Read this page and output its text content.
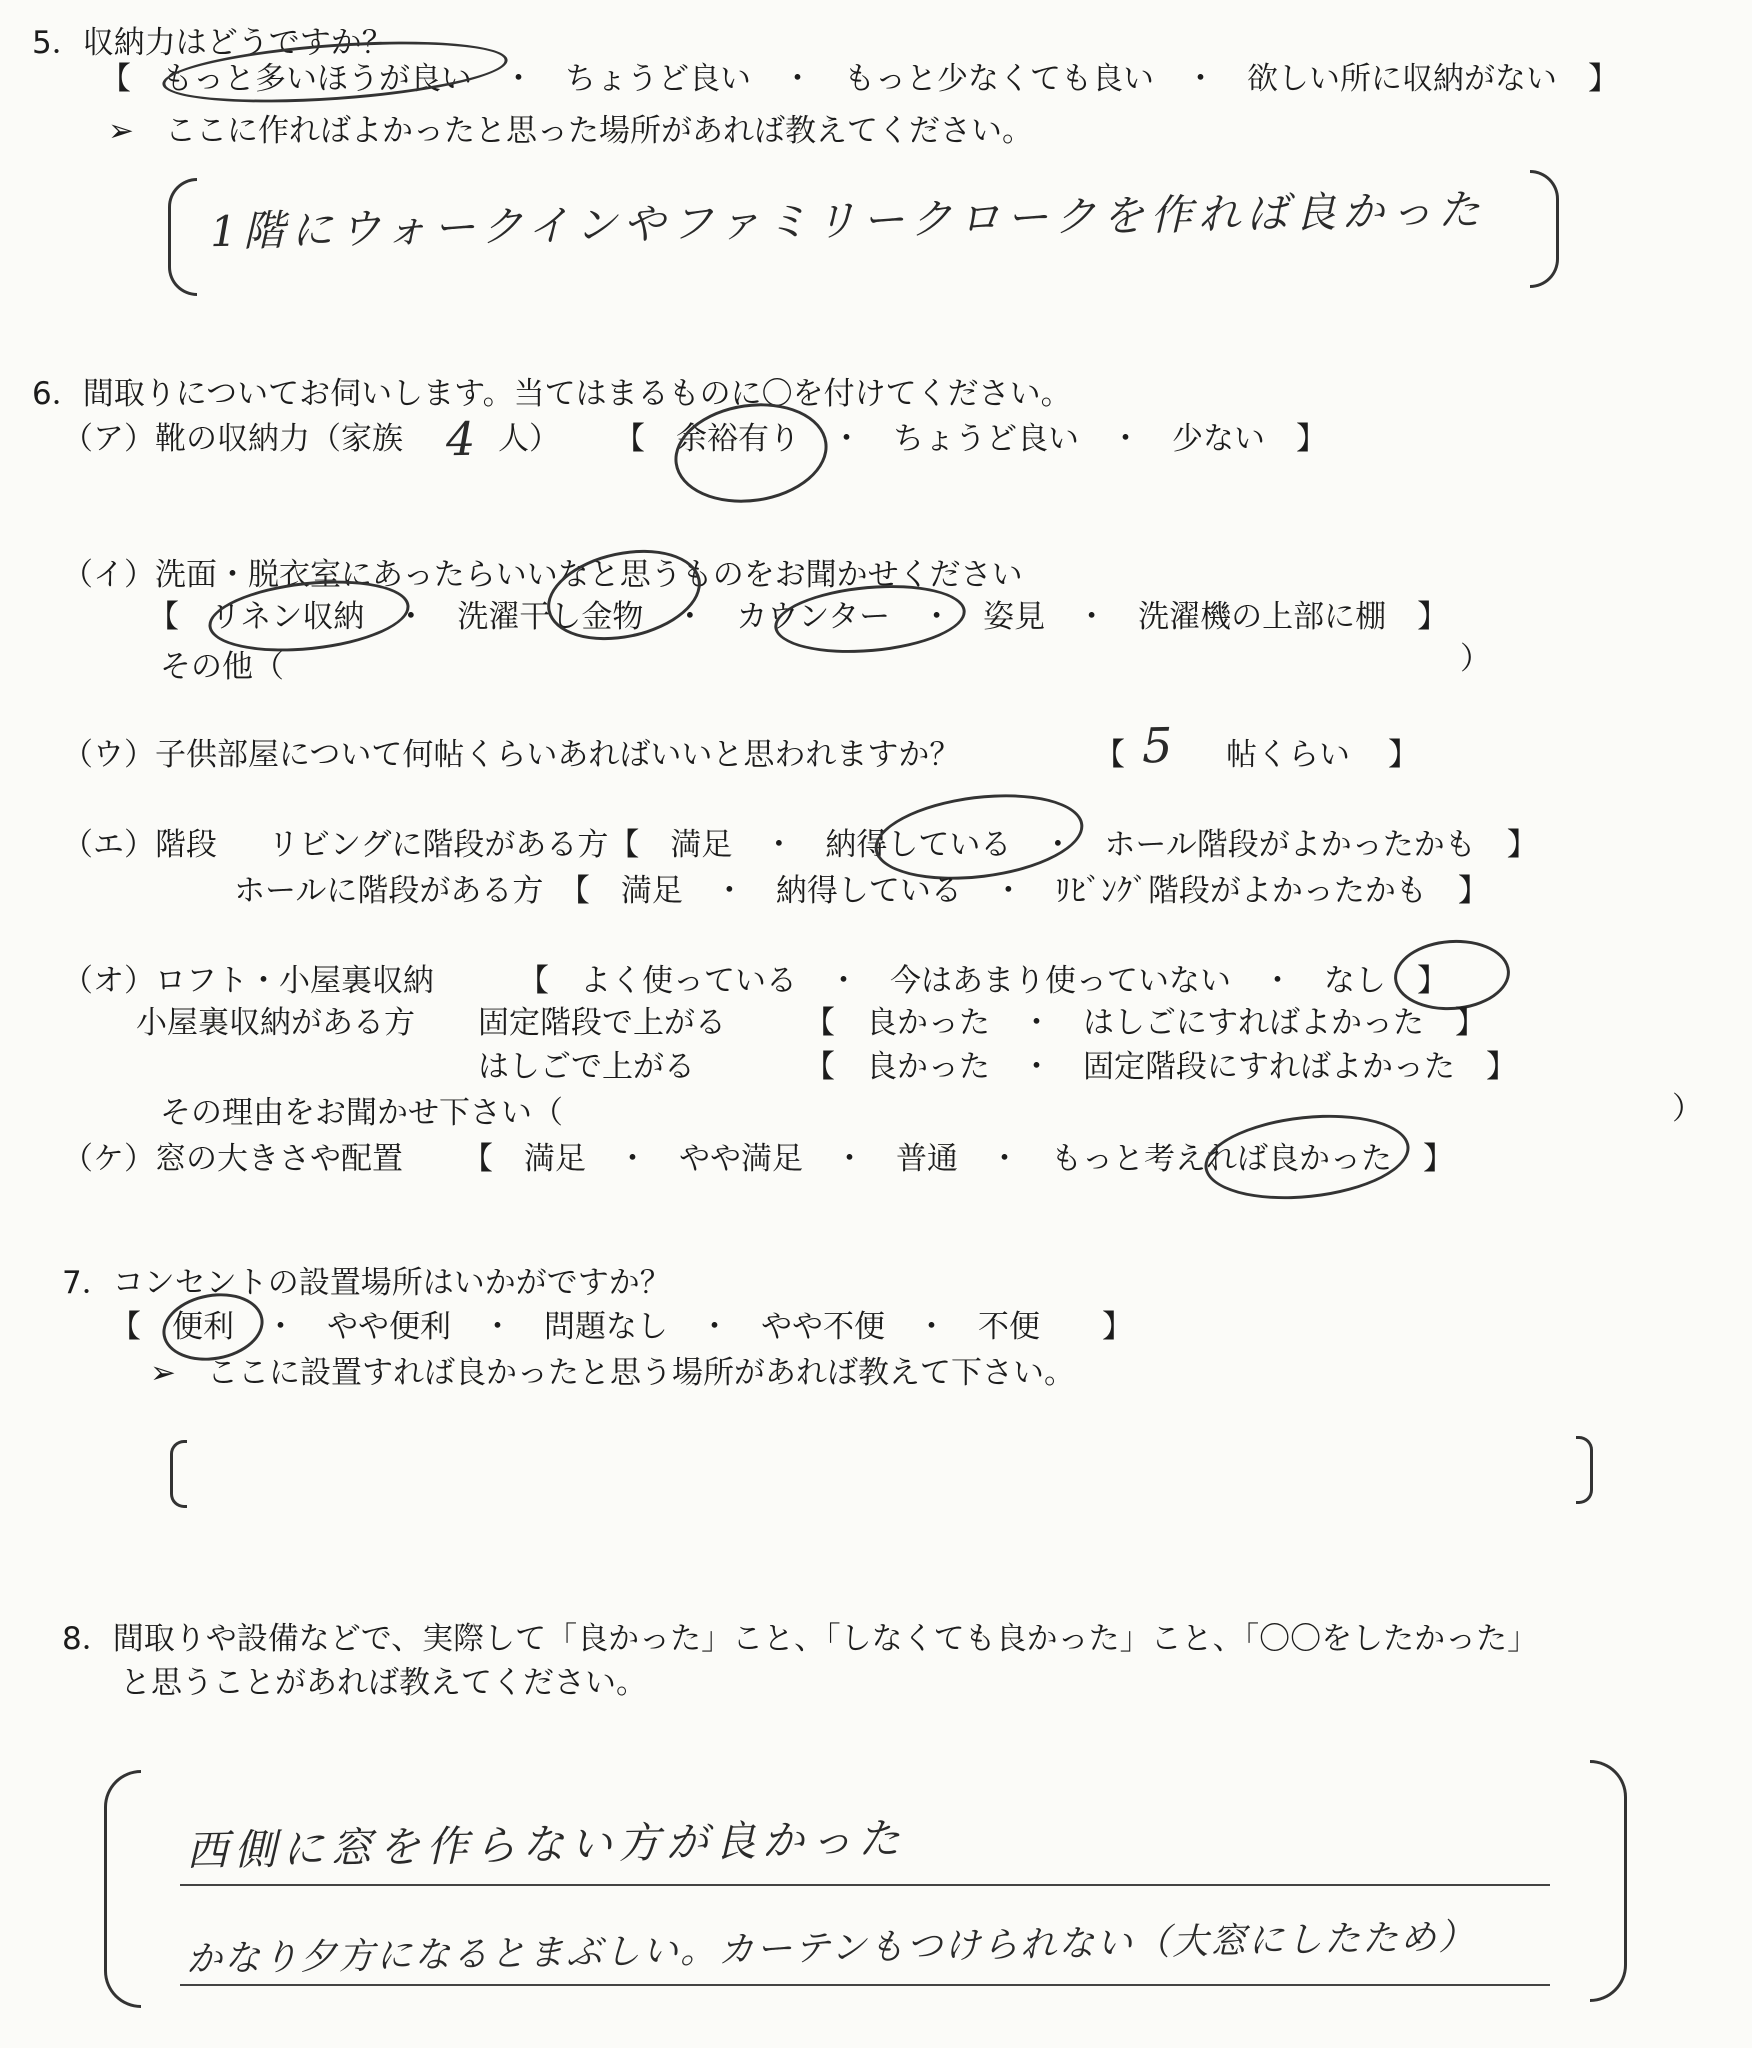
5．収納力はどうですか？
【　もっと多いほうが良い　・　ちょうど良い　・　もっと少なくても良い　・　欲しい所に収納がない　】
➢　ここに作ればよかったと思った場所があれば教えてください。
1階にウォークインやファミリークロークを作れば良かった
6．間取りについてお伺いします。当てはまるものに〇を付けてください。
（ア）靴の収納力（家族 4 人） 【　余裕有り　・　ちょうど良い　・　少ない　】
（イ）洗面・脱衣室にあったらいいなと思うものをお聞かせください
【　リネン収納　・　洗濯干し金物　・　カウンター　・　姿見　・　洗濯機の上部に棚　】
その他（	）
（ウ）子供部屋について何帖くらいあればいいと思われますか？	【 5 帖くらい 】
（エ）階段 リビングに階段がある方【　満足　・　納得している　・　ホール階段がよかったかも　】
ホールに階段がある方　【　満足　・　納得している　・　ﾘﾋﾞﾝｸﾞ階段がよかったかも　】
（オ）ロフト・小屋裏収納	【　よく使っている　・　今はあまり使っていない　・　なし　】
小屋裏収納がある方 固定階段で上がる	【　良かった　・　はしごにすればよかった　】
はしごで上がる	【　良かった　・　固定階段にすればよかった　】
その理由をお聞かせ下さい（	）
（ケ）窓の大きさや配置 【　満足　・　やや満足　・　普通　・　もっと考えれば良かった　】
7．コンセントの設置場所はいかがですか？
【　便利　・　やや便利　・　問題なし　・　やや不便　・　不便　　】
➢　ここに設置すれば良かったと思う場所があれば教えて下さい。
8．間取りや設備などで、実際して「良かった」こと、「しなくても良かった」こと、「〇〇をしたかった」
と思うことがあれば教えてください。
西側に窓を作らない方が良かった
かなり夕方になるとまぶしい。カーテンもつけられない（大窓にしたため）
